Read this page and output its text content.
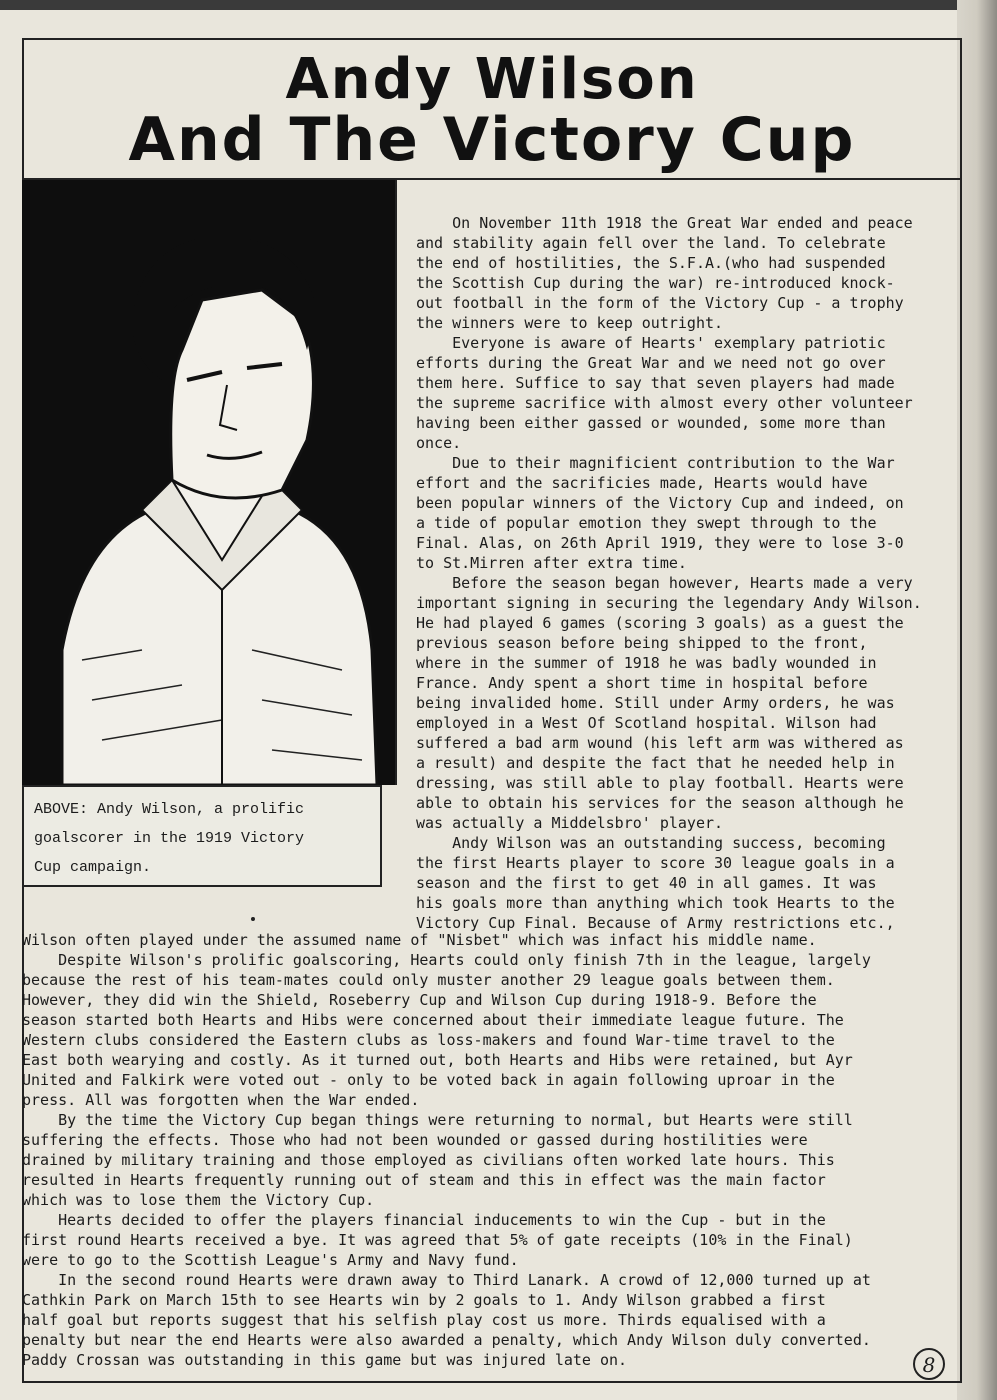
Andy Wilson
And The Victory Cup
ABOVE: Andy Wilson, a prolific
goalscorer in the 1919 Victory
Cup campaign.
On November 11th 1918 the Great War ended and peace
and stability again fell over the land. To celebrate
the end of hostilities, the S.F.A.(who had suspended
the Scottish Cup during the war) re-introduced knock-
out football in the form of the Victory Cup - a trophy
the winners were to keep outright.
Everyone is aware of Hearts' exemplary patriotic
efforts during the Great War and we need not go over
them here. Suffice to say that seven players had made
the supreme sacrifice with almost every other volunteer
having been either gassed or wounded, some more than
once.
Due to their magnificient contribution to the War
effort and the sacrificies made, Hearts would have
been popular winners of the Victory Cup and indeed, on
a tide of popular emotion they swept through to the
Final. Alas, on 26th April 1919, they were to lose 3-0
to St.Mirren after extra time.
Before the season began however, Hearts made a very
important signing in securing the legendary Andy Wilson.
He had played 6 games (scoring 3 goals) as a guest the
previous season before being shipped to the front,
where in the summer of 1918 he was badly wounded in
France. Andy spent a short time in hospital before
being invalided home. Still under Army orders, he was
employed in a West Of Scotland hospital. Wilson had
suffered a bad arm wound (his left arm was withered as
a result) and despite the fact that he needed help in
dressing, was still able to play football. Hearts were
able to obtain his services for the season although he
was actually a Middelsbro' player.
Andy Wilson was an outstanding success, becoming
the first Hearts player to score 30 league goals in a
season and the first to get 40 in all games. It was
his goals more than anything which took Hearts to the
Victory Cup Final. Because of Army restrictions etc.,
Wilson often played under the assumed name of "Nisbet" which was infact his middle name.
Despite Wilson's prolific goalscoring, Hearts could only finish 7th in the league, largely
because the rest of his team-mates could only muster another 29 league goals between them.
However, they did win the Shield, Roseberry Cup and Wilson Cup during 1918-9. Before the
season started both Hearts and Hibs were concerned about their immediate league future. The
Western clubs considered the Eastern clubs as loss-makers and found War-time travel to the
East both wearying and costly. As it turned out, both Hearts and Hibs were retained, but Ayr
United and Falkirk were voted out - only to be voted back in again following uproar in the
press. All was forgotten when the War ended.
By the time the Victory Cup began things were returning to normal, but Hearts were still
suffering the effects. Those who had not been wounded or gassed during hostilities were
drained by military training and those employed as civilians often worked late hours. This
resulted in Hearts frequently running out of steam and this in effect was the main factor
which was to lose them the Victory Cup.
Hearts decided to offer the players financial inducements to win the Cup - but in the
first round Hearts received a bye. It was agreed that 5% of gate receipts (10% in the Final)
were to go to the Scottish League's Army and Navy fund.
In the second round Hearts were drawn away to Third Lanark. A crowd of 12,000 turned up at
Cathkin Park on March 15th to see Hearts win by 2 goals to 1. Andy Wilson grabbed a first
half goal but reports suggest that his selfish play cost us more. Thirds equalised with a
penalty but near the end Hearts were also awarded a penalty, which Andy Wilson duly converted.
Paddy Crossan was outstanding in this game but was injured late on.	8
